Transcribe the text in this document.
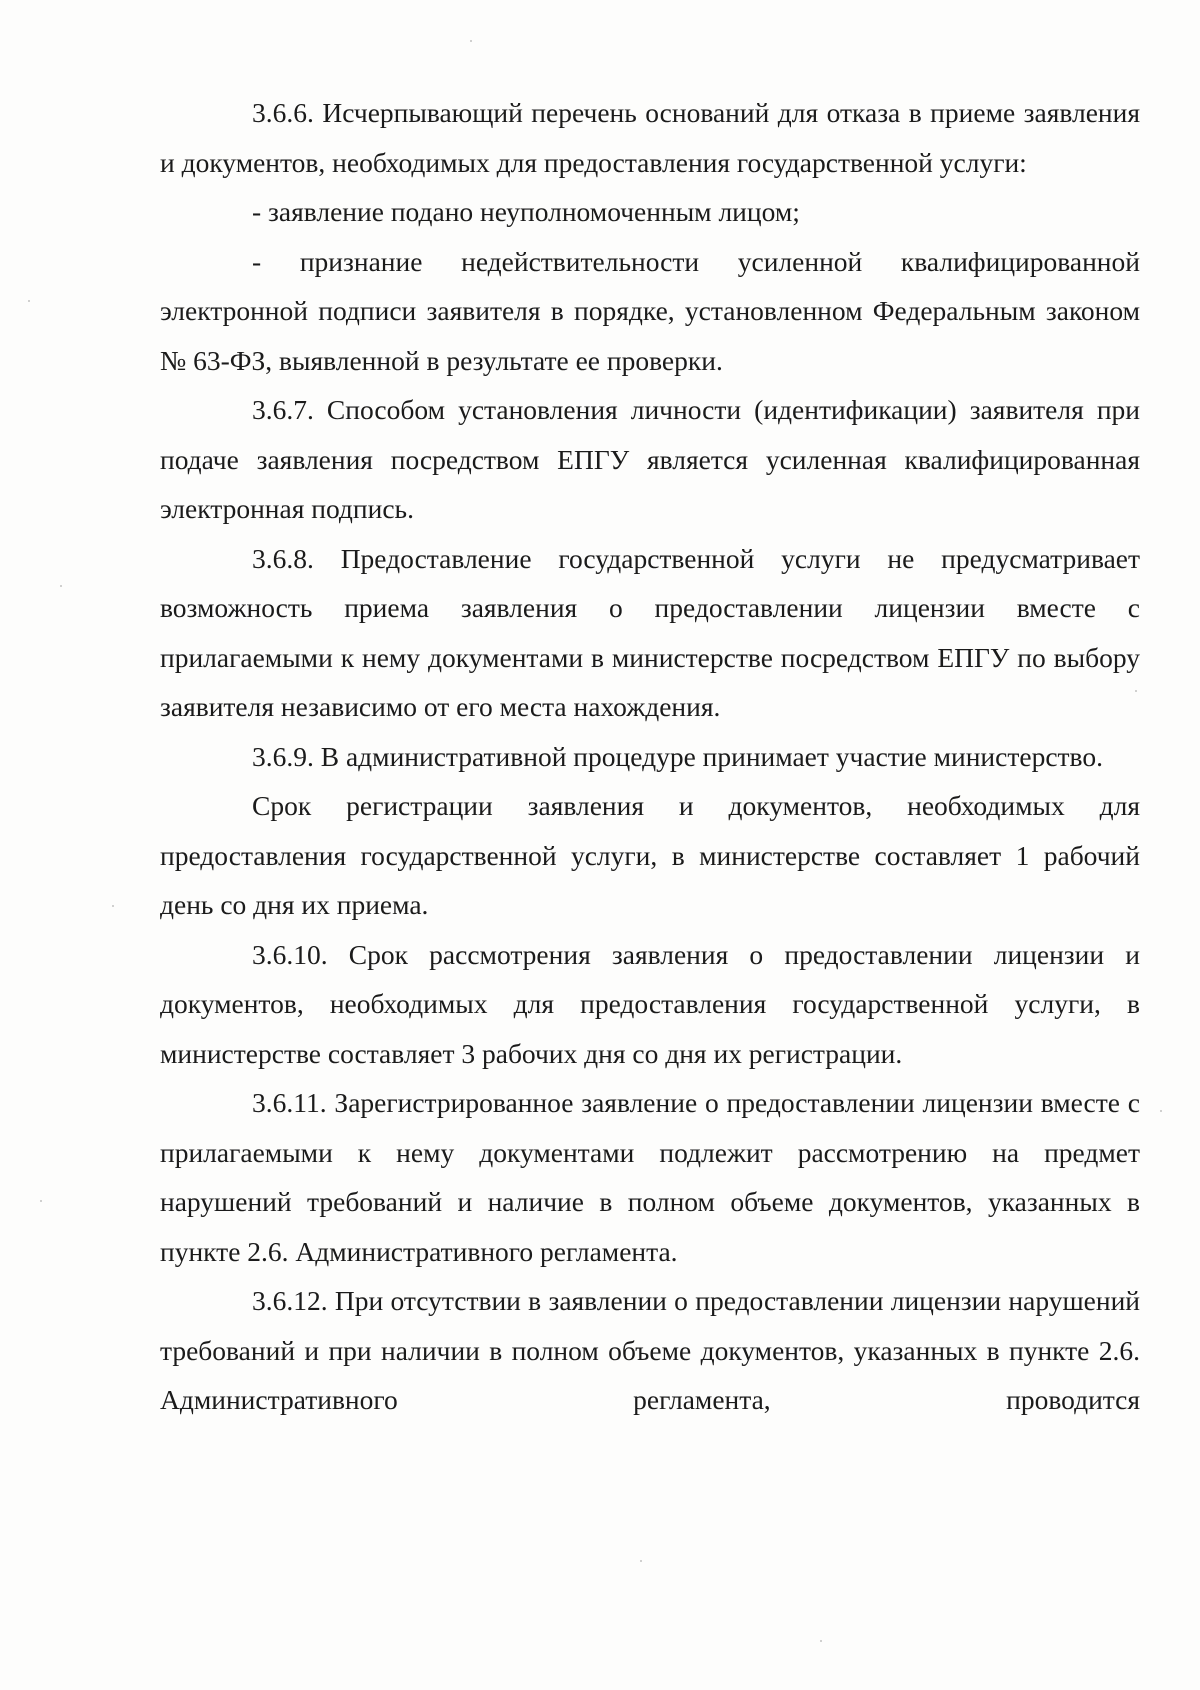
3.6.6. Исчерпывающий перечень оснований для отказа в приеме заявления и документов, необходимых для предоставления государственной услуги:

- заявление подано неуполномоченным лицом;

- признание недействительности усиленной квалифицированной электронной подписи заявителя в порядке, установленном Федеральным законом № 63-ФЗ, выявленной в результате ее проверки.

3.6.7. Способом установления личности (идентификации) заявителя при подаче заявления посредством ЕПГУ является усиленная квалифицированная электронная подпись.

3.6.8. Предоставление государственной услуги не предусматривает возможность приема заявления о предоставлении лицензии вместе с прилагаемыми к нему документами в министерстве посредством ЕПГУ по выбору заявителя независимо от его места нахождения.

3.6.9. В административной процедуре принимает участие министерство.

Срок регистрации заявления и документов, необходимых для предоставления государственной услуги, в министерстве составляет 1 рабочий день со дня их приема.

3.6.10. Срок рассмотрения заявления о предоставлении лицензии и документов, необходимых для предоставления государственной услуги, в министерстве составляет 3 рабочих дня со дня их регистрации.

3.6.11. Зарегистрированное заявление о предоставлении лицензии вместе с прилагаемыми к нему документами подлежит рассмотрению на предмет нарушений требований и наличие в полном объеме документов, указанных в пункте 2.6. Административного регламента.

3.6.12. При отсутствии в заявлении о предоставлении лицензии нарушений требований и при наличии в полном объеме документов, указанных в пункте 2.6. Административного регламента, проводится
